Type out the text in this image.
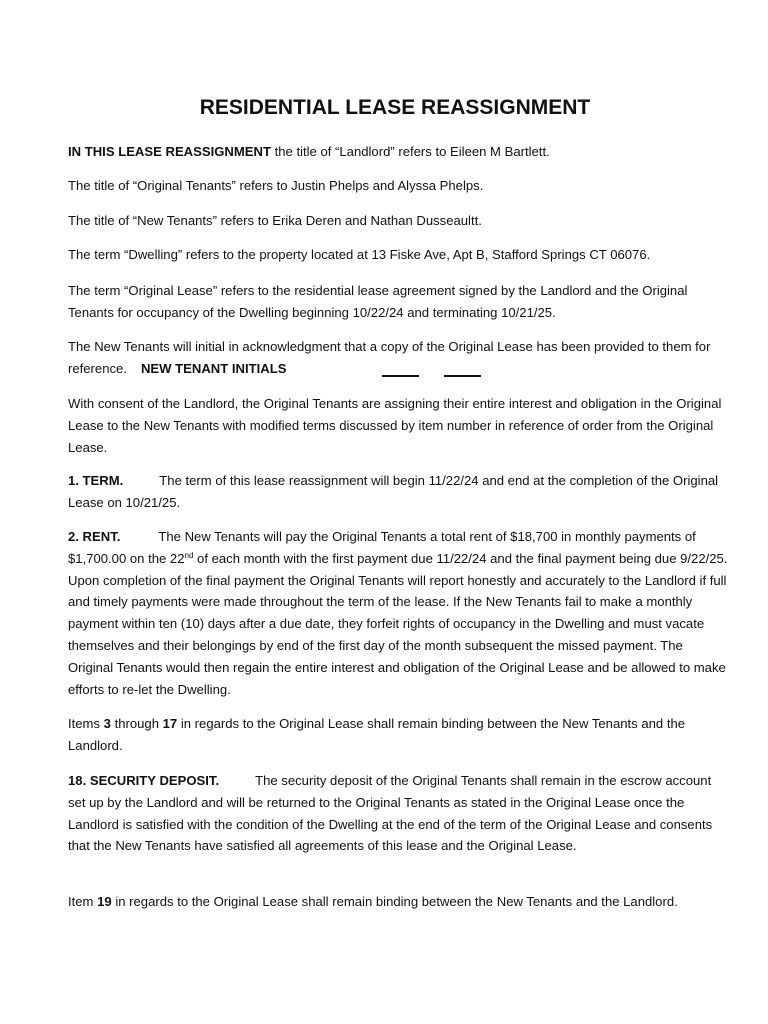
RESIDENTIAL LEASE REASSIGNMENT

IN THIS LEASE REASSIGNMENT the title of “Landlord” refers to Eileen M Bartlett.

The title of “Original Tenants” refers to Justin Phelps and Alyssa Phelps.

The title of “New Tenants” refers to Erika Deren and Nathan Dusseaultt.

The term “Dwelling” refers to the property located at 13 Fiske Ave, Apt B, Stafford Springs CT 06076.

The term “Original Lease” refers to the residential lease agreement signed by the Landlord and the Original Tenants for occupancy of the Dwelling beginning 10/22/24 and terminating 10/21/25.

The New Tenants will initial in acknowledgment that a copy of the Original Lease has been provided to them for reference. NEW TENANT INITIALS

With consent of the Landlord, the Original Tenants are assigning their entire interest and obligation in the Original Lease to the New Tenants with modified terms discussed by item number in reference of order from the Original Lease.

1. TERM.	The term of this lease reassignment will begin 11/22/24 and end at the completion of the Original Lease on 10/21/25.

2. RENT.	The New Tenants will pay the Original Tenants a total rent of $18,700 in monthly payments of $1,700.00 on the 22nd of each month with the first payment due 11/22/24 and the final payment being due 9/22/25. Upon completion of the final payment the Original Tenants will report honestly and accurately to the Landlord if full and timely payments were made throughout the term of the lease. If the New Tenants fail to make a monthly payment within ten (10) days after a due date, they forfeit rights of occupancy in the Dwelling and must vacate themselves and their belongings by end of the first day of the month subsequent the missed payment. The Original Tenants would then regain the entire interest and obligation of the Original Lease and be allowed to make efforts to re-let the Dwelling.

Items 3 through 17 in regards to the Original Lease shall remain binding between the New Tenants and the Landlord.

18. SECURITY DEPOSIT.	The security deposit of the Original Tenants shall remain in the escrow account set up by the Landlord and will be returned to the Original Tenants as stated in the Original Lease once the Landlord is satisfied with the condition of the Dwelling at the end of the term of the Original Lease and consents that the New Tenants have satisfied all agreements of this lease and the Original Lease.

Item 19 in regards to the Original Lease shall remain binding between the New Tenants and the Landlord.
